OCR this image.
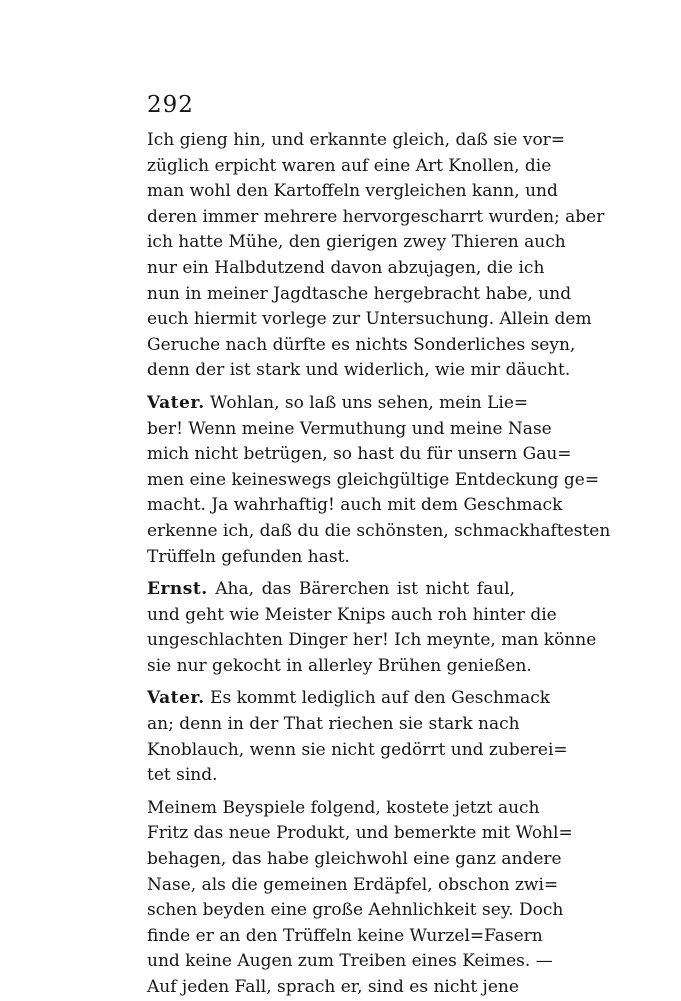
292
Ich gieng hin, und erkannte gleich, daß sie vor=
züglich erpicht waren auf eine Art Knollen, die
man wohl den Kartoffeln vergleichen kann, und
deren immer mehrere hervorgescharrt wurden; aber
ich hatte Mühe, den gierigen zwey Thieren auch
nur ein Halbdutzend davon abzujagen, die ich
nun in meiner Jagdtasche hergebracht habe, und
euch hiermit vorlege zur Untersuchung. Allein dem
Geruche nach dürfte es nichts Sonderliches seyn,
denn der ist stark und widerlich, wie mir däucht.
Vater. Wohlan, so laß uns sehen, mein Lie=
ber! Wenn meine Vermuthung und meine Nase
mich nicht betrügen, so hast du für unsern Gau=
men eine keineswegs gleichgültige Entdeckung ge=
macht. Ja wahrhaftig! auch mit dem Geschmack
erkenne ich, daß du die schönsten, schmackhaftesten
Trüffeln gefunden hast.
Ernst. Aha, das Bärerchen ist nicht faul,
und geht wie Meister Knips auch roh hinter die
ungeschlachten Dinger her! Ich meynte, man könne
sie nur gekocht in allerley Brühen genießen.
Vater. Es kommt lediglich auf den Geschmack
an; denn in der That riechen sie stark nach
Knoblauch, wenn sie nicht gedörrt und zuberei=
tet sind.
Meinem Beyspiele folgend, kostete jetzt auch
Fritz das neue Produkt, und bemerkte mit Wohl=
behagen, das habe gleichwohl eine ganz andere
Nase, als die gemeinen Erdäpfel, obschon zwi=
schen beyden eine große Aehnlichkeit sey. Doch
finde er an den Trüffeln keine Wurzel=Fasern
und keine Augen zum Treiben eines Keimes. —
Auf jeden Fall, sprach er, sind es nicht jene
